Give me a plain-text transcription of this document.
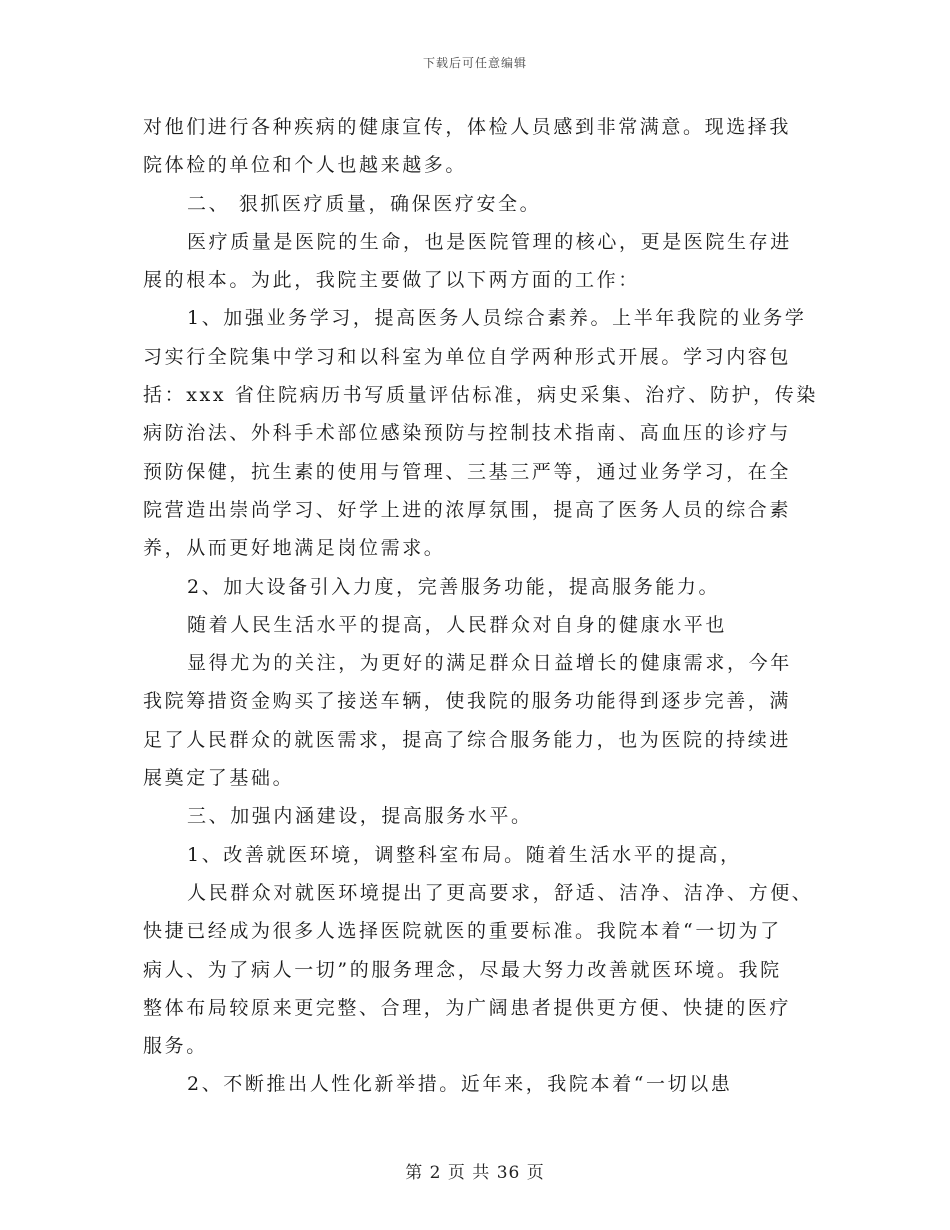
下载后可任意编辑
对他们进行各种疾病的健康宣传，体检人员感到非常满意。现选择我
院体检的单位和个人也越来越多。
二、 狠抓医疗质量，确保医疗安全。
医疗质量是医院的生命，也是医院管理的核心，更是医院生存进
展的根本。为此，我院主要做了以下两方面的工作：
1、加强业务学习，提高医务人员综合素养。上半年我院的业务学
习实行全院集中学习和以科室为单位自学两种形式开展。学习内容包
括：xxx 省住院病历书写质量评估标准，病史采集、治疗、防护，传染
病防治法、外科手术部位感染预防与控制技术指南、高血压的诊疗与
预防保健，抗生素的使用与管理、三基三严等，通过业务学习，在全
院营造出崇尚学习、好学上进的浓厚氛围，提高了医务人员的综合素
养，从而更好地满足岗位需求。
2、加大设备引入力度，完善服务功能，提高服务能力。
随着人民生活水平的提高，人民群众对自身的健康水平也
显得尤为的关注，为更好的满足群众日益增长的健康需求，今年
我院筹措资金购买了接送车辆，使我院的服务功能得到逐步完善，满
足了人民群众的就医需求，提高了综合服务能力，也为医院的持续进
展奠定了基础。
三、加强内涵建设，提高服务水平。
1、改善就医环境，调整科室布局。随着生活水平的提高，
人民群众对就医环境提出了更高要求，舒适、洁净、洁净、方便、
快捷已经成为很多人选择医院就医的重要标准。我院本着“一切为了
病人、为了病人一切”的服务理念，尽最大努力改善就医环境。我院
整体布局较原来更完整、合理，为广阔患者提供更方便、快捷的医疗
服务。
2、不断推出人性化新举措。近年来，我院本着“一切以患
第 2 页 共 36 页
